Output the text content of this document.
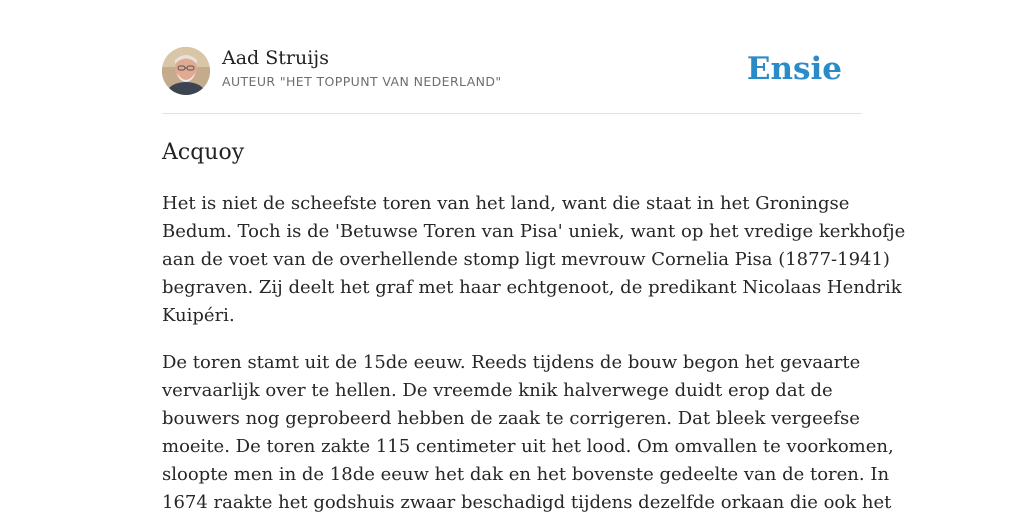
Aad Struijs
AUTEUR "HET TOPPUNT VAN NEDERLAND"	Ensie
Acquoy

Het is niet de scheefste toren van het land, want die staat in het Groningse
Bedum. Toch is de 'Betuwse Toren van Pisa' uniek, want op het vredige kerkhofje
aan de voet van de overhellende stomp ligt mevrouw Cornelia Pisa (1877-1941)
begraven. Zij deelt het graf met haar echtgenoot, de predikant Nicolaas Hendrik
Kuipéri.

De toren stamt uit de 15de eeuw. Reeds tijdens de bouw begon het gevaarte
vervaarlijk over te hellen. De vreemde knik halverwege duidt erop dat de
bouwers nog geprobeerd hebben de zaak te corrigeren. Dat bleek vergeefse
moeite. De toren zakte 115 centimeter uit het lood. Om omvallen te voorkomen,
sloopte men in de 18de eeuw het dak en het bovenste gedeelte van de toren. In
1674 raakte het godshuis zwaar beschadigd tijdens dezelfde orkaan die ook het
